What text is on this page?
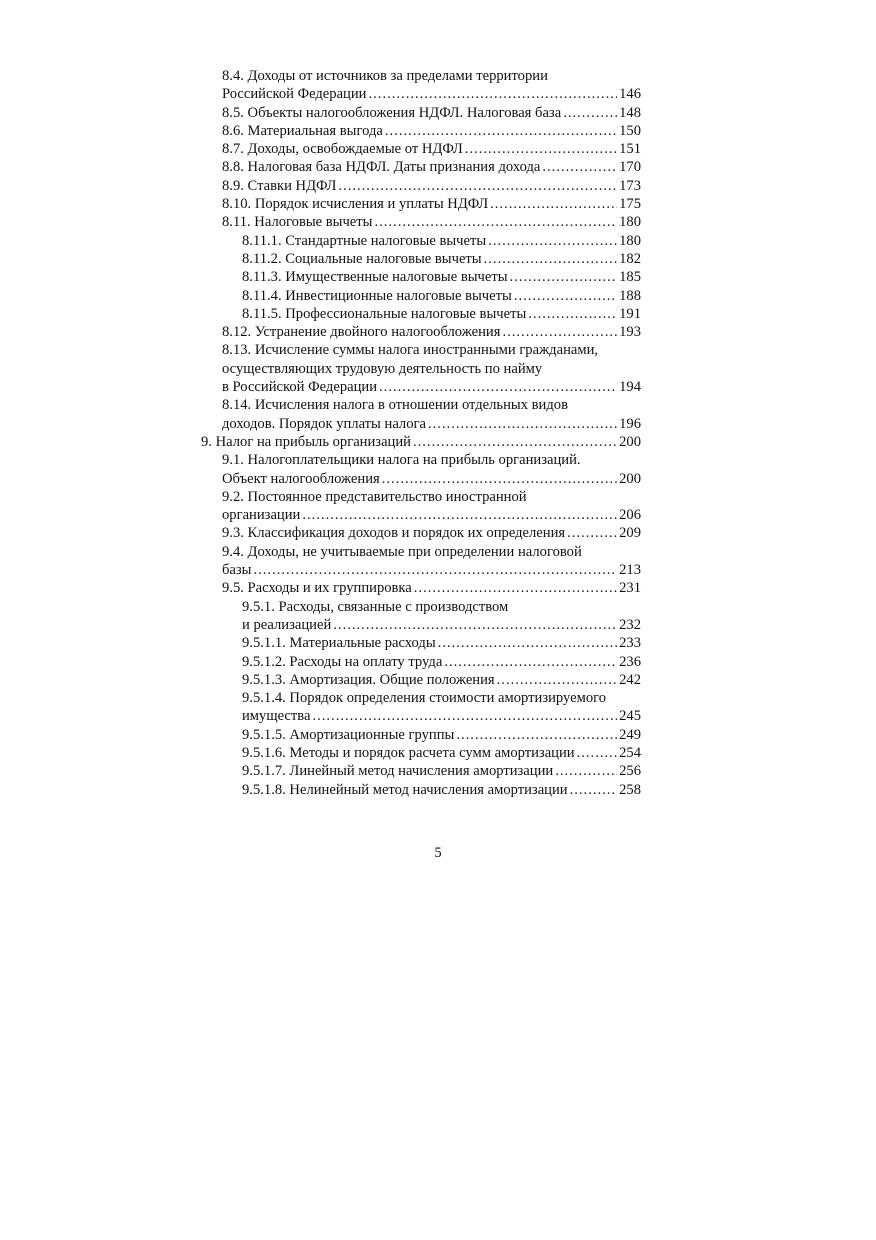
8.4. Доходы от источников за пределами территории
Российской Федерации .....	146
8.5. Объекты налогообложения НДФЛ. Налоговая база .....	148
8.6. Материальная выгода .....	150
8.7. Доходы, освобождаемые от НДФЛ .....	151
8.8. Налоговая база НДФЛ. Даты признания дохода .....	170
8.9. Ставки НДФЛ .....	173
8.10. Порядок исчисления и уплаты НДФЛ .....	175
8.11. Налоговые вычеты .....	180
8.11.1. Стандартные налоговые вычеты .....	180
8.11.2. Социальные налоговые вычеты .....	182
8.11.3. Имущественные налоговые вычеты .....	185
8.11.4. Инвестиционные налоговые вычеты .....	188
8.11.5. Профессиональные налоговые вычеты .....	191
8.12. Устранение двойного налогообложения .....	193
8.13. Исчисление суммы налога иностранными гражданами,
осуществляющих трудовую деятельность по найму
в Российской Федерации .....	194
8.14. Исчисления налога в отношении отдельных видов
доходов. Порядок уплаты налога .....	196
9. Налог на прибыль организаций .....	200
9.1. Налогоплательщики налога на прибыль организаций.
Объект налогообложения .....	200
9.2. Постоянное представительство иностранной
организации .....	206
9.3. Классификация доходов и порядок их определения .....	209
9.4. Доходы, не учитываемые при определении налоговой
базы .....	213
9.5. Расходы и их группировка .....	231
9.5.1. Расходы, связанные с производством
и реализацией .....	232
9.5.1.1. Материальные расходы .....	233
9.5.1.2. Расходы на оплату труда .....	236
9.5.1.3. Амортизация. Общие положения .....	242
9.5.1.4. Порядок определения стоимости амортизируемого
имущества .....	245
9.5.1.5. Амортизационные группы .....	249
9.5.1.6. Методы и порядок расчета сумм амортизации .....	254
9.5.1.7. Линейный метод начисления амортизации .....	256
9.5.1.8. Нелинейный метод начисления амортизации .....	258
5
